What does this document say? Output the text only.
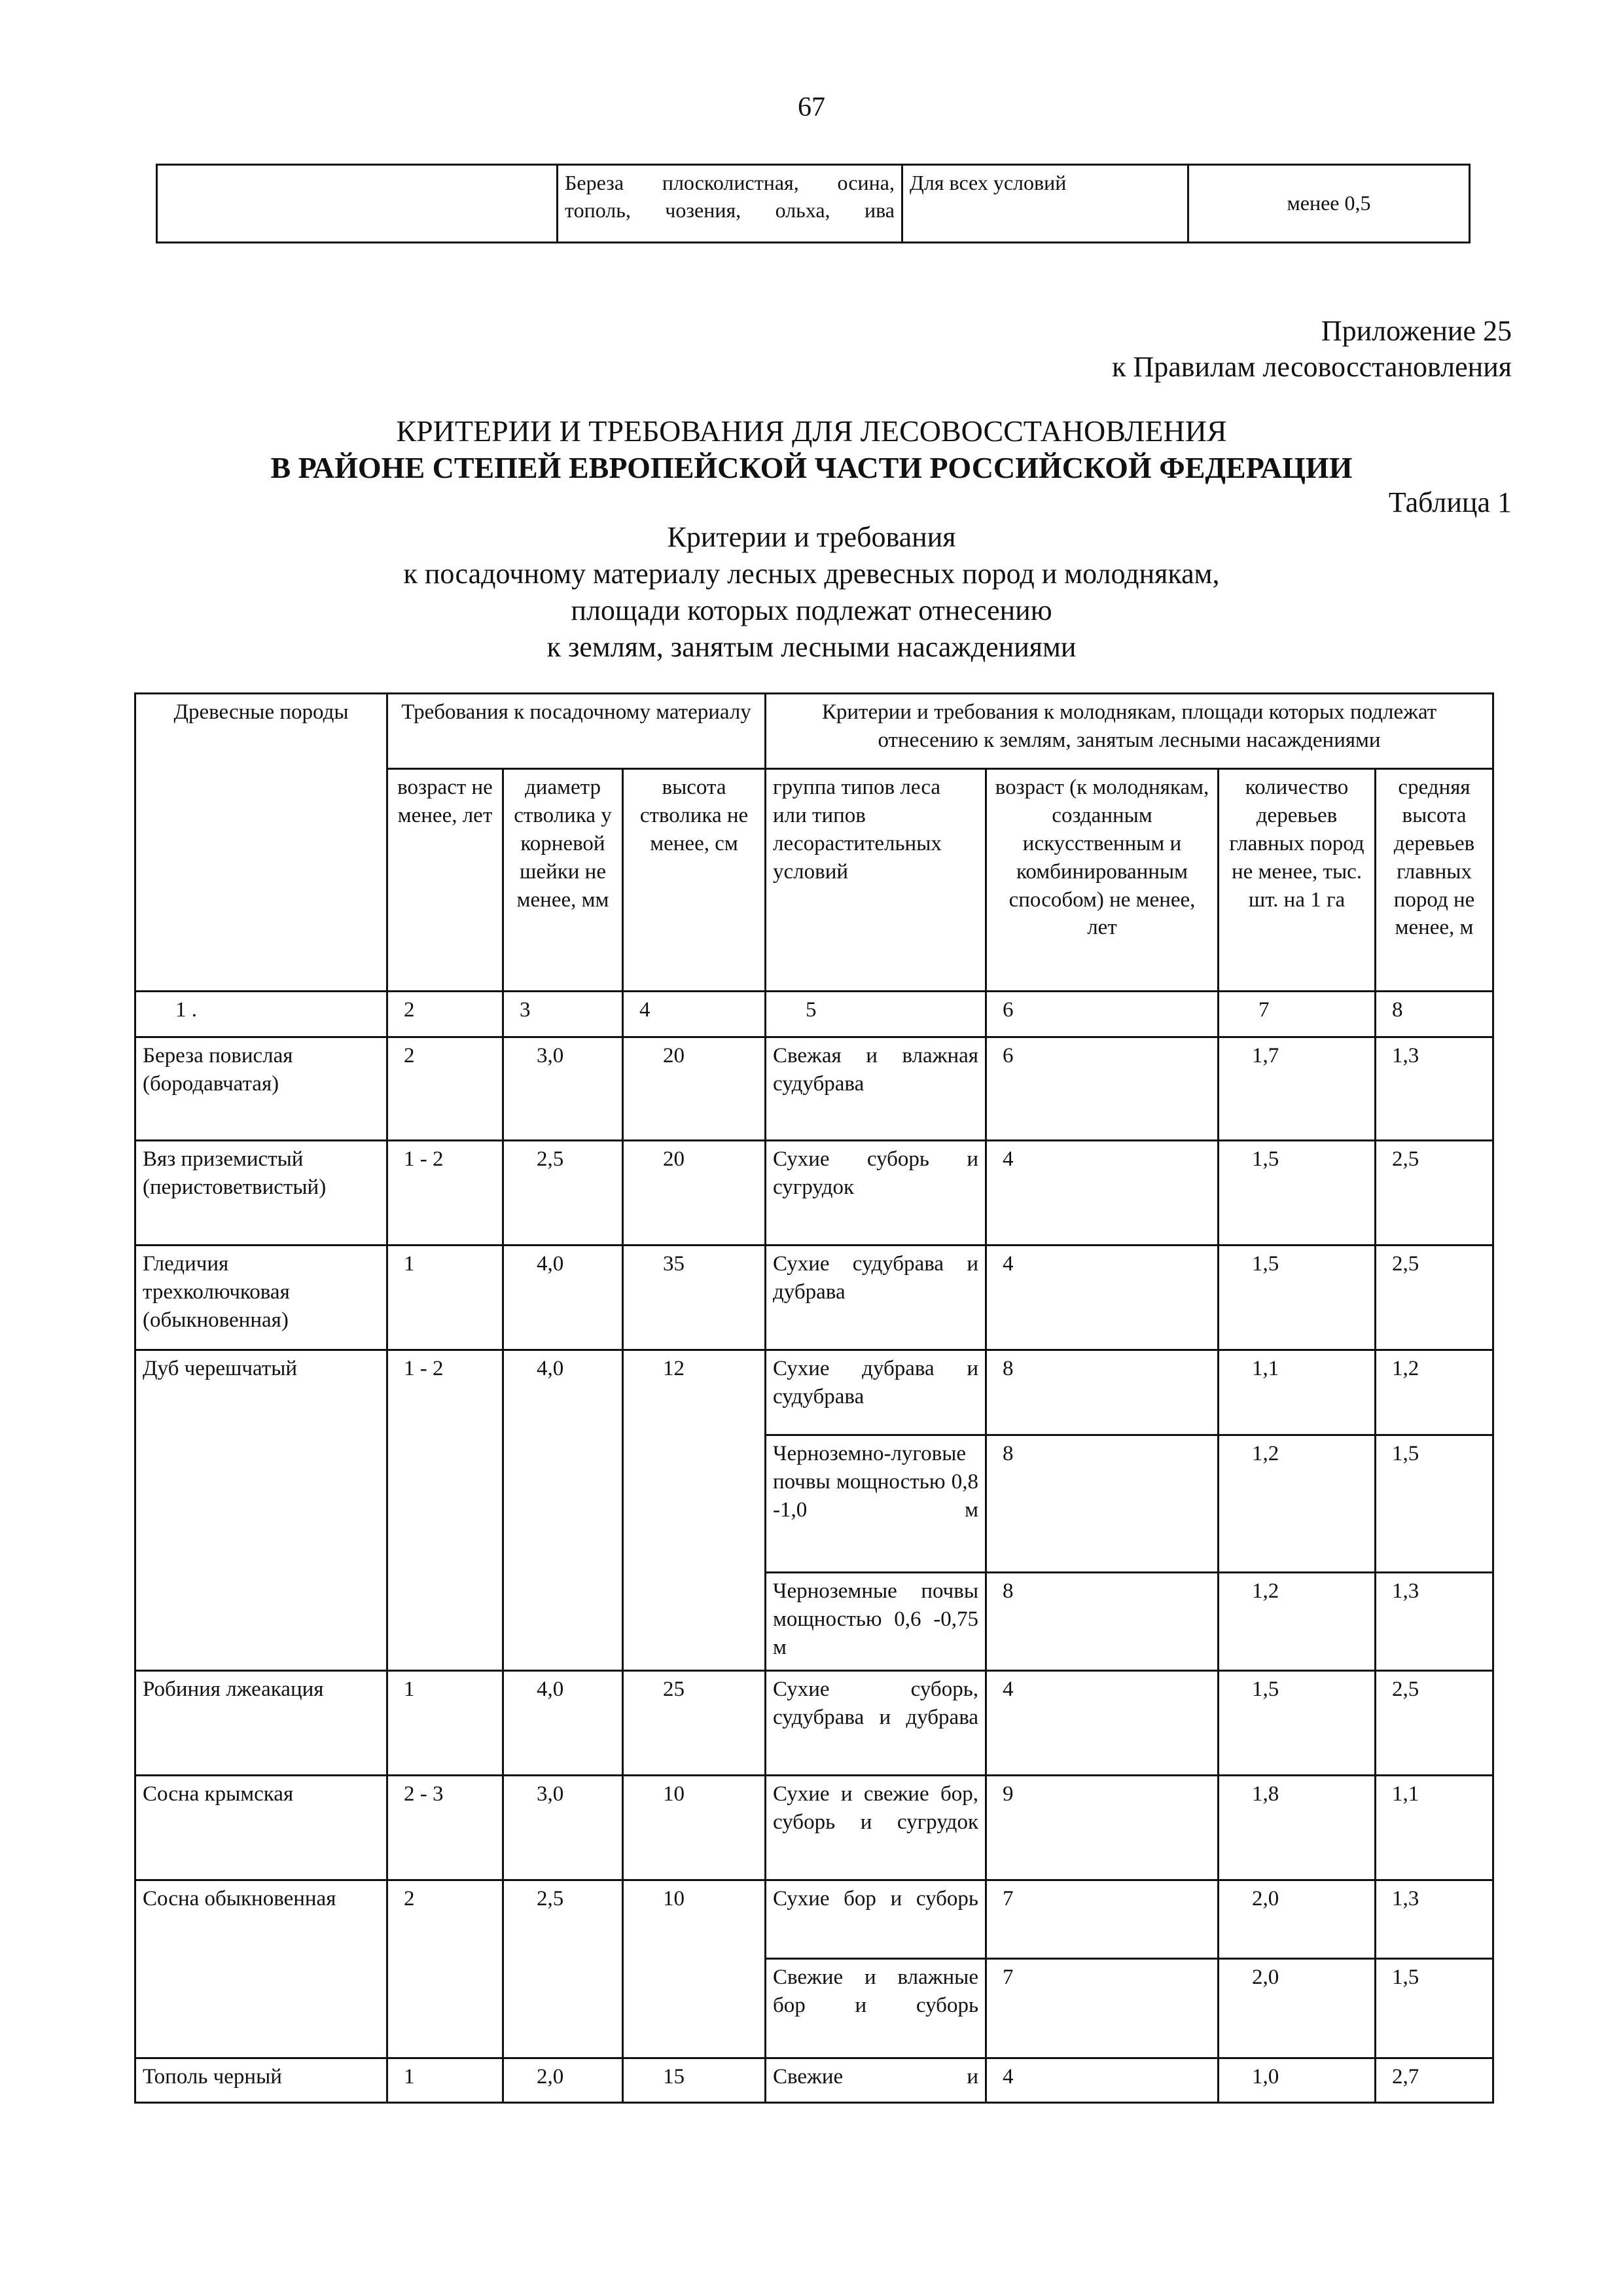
67
	Береза плосколистная, осина, тополь, чозения, ольха, ива	Для всех условий	менее 0,5
Приложение 25
к Правилам лесовосстановления
КРИТЕРИИ И ТРЕБОВАНИЯ ДЛЯ ЛЕСОВОССТАНОВЛЕНИЯ
В РАЙОНЕ СТЕПЕЙ ЕВРОПЕЙСКОЙ ЧАСТИ РОССИЙСКОЙ ФЕДЕРАЦИИ
Таблица 1
Критерии и требования
к посадочному материалу лесных древесных пород и молоднякам,
площади которых подлежат отнесению
к землям, занятым лесными насаждениями
Древесные породы	Требования к посадочному материалу			Критерии и требования к молоднякам, площади которых подлежат отнесению к землям, занятым лесными насаждениями			
	возраст не менее, лет	диаметр стволика у корневой шейки не менее, мм	высота стволика не менее, см	группа типов леса или типов лесорастительных условий	возраст (к молоднякам, созданным искусственным и комбинированным способом) не менее, лет	количество деревьев главных пород не менее, тыс. шт. на 1 га	средняя высота деревьев главных пород не менее, м
1 .	2	3	4	5	6	7	8
Береза повислая (бородавчатая)	2	3,0	20	Свежая и влажная судубрава	6	1,7	1,3
Вяз приземистый (перистоветвистый)	1 - 2	2,5	20	Сухие суборь и сугрудок	4	1,5	2,5
Гледичия трехколючковая (обыкновенная)	1	4,0	35	Сухие судубрава и дубрава	4	1,5	2,5
Дуб черешчатый	1 - 2	4,0	12	Сухие дубрава и судубрава	8	1,1	1,2
				Черноземно-луговые почвы мощностью 0,8 -1,0 м	8	1,2	1,5
				Черноземные почвы мощностью 0,6 -0,75 м	8	1,2	1,3
Робиния лжеакация	1	4,0	25	Сухие суборь, судубрава и дубрава	4	1,5	2,5
Сосна крымская	2 - 3	3,0	10	Сухие и свежие бор, суборь и сугрудок	9	1,8	1,1
Сосна обыкновенная	2	2,5	10	Сухие бор и суборь	7	2,0	1,3
				Свежие и влажные бор и суборь	7	2,0	1,5
Тополь черный	1	2,0	15	Свежие и	4	1,0	2,7
